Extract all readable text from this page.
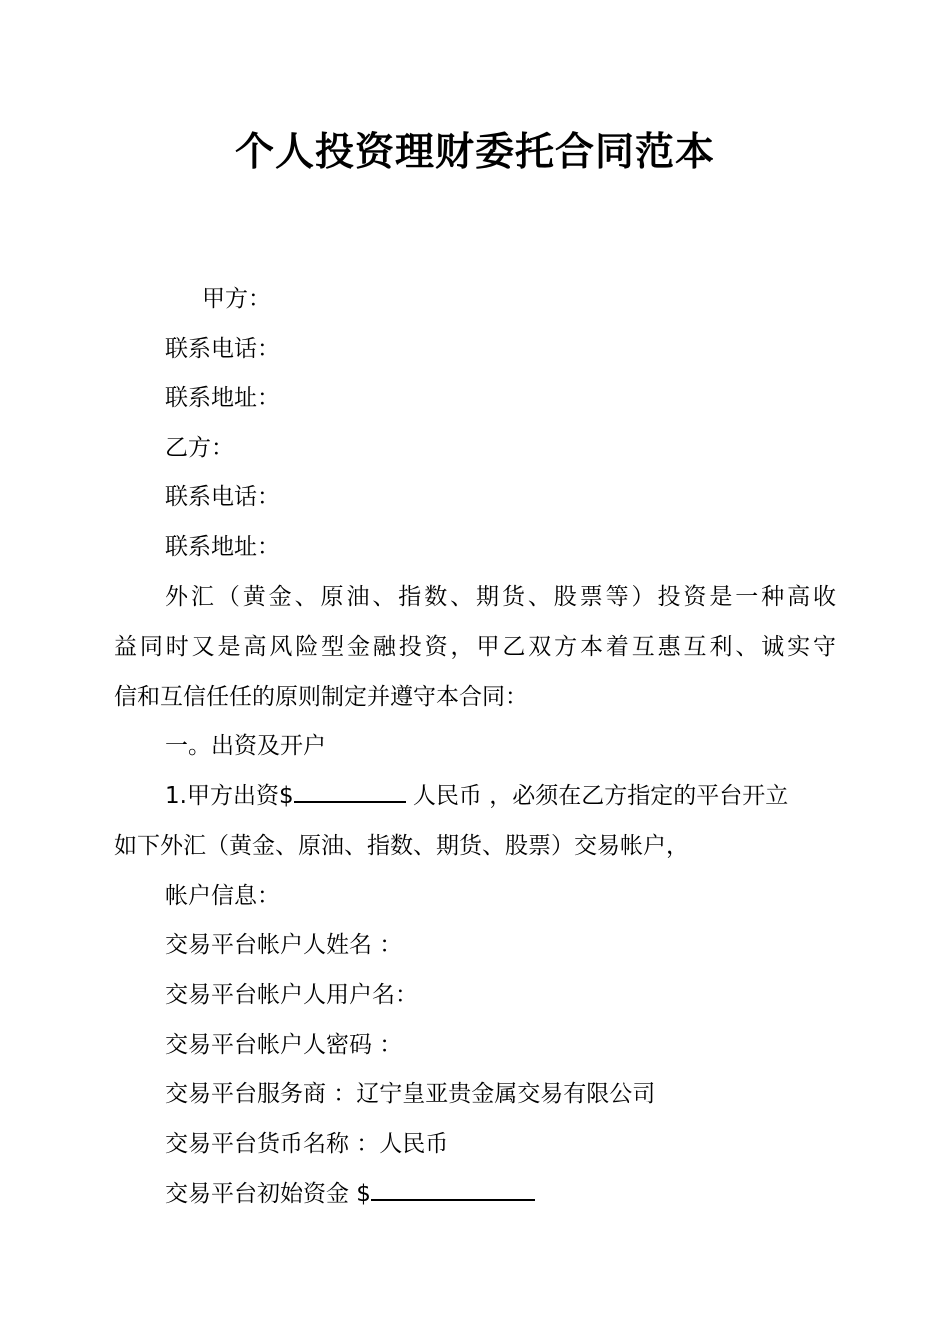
个人投资理财委托合同范本
甲方：
联系电话：
联系地址：
乙方：
联系电话：
联系地址：
外汇（黄金、原油、指数、期货、股票等）投资是一种高收
益同时又是高风险型金融投资，甲乙双方本着互惠互利、诚实守
信和互信任任的原则制定并遵守本合同：
一。出资及开户
1.甲方出资$	人民币 ，必须在乙方指定的平台开立
如下外汇（黄金、原油、指数、期货、股票）交易帐户，
帐户信息：
交易平台帐户人姓名 ：
交易平台帐户人用户名：
交易平台帐户人密码 ：
交易平台服务商 ：辽宁皇亚贵金属交易有限公司
交易平台货币名称 ：人民币
交易平台初始资金 $
